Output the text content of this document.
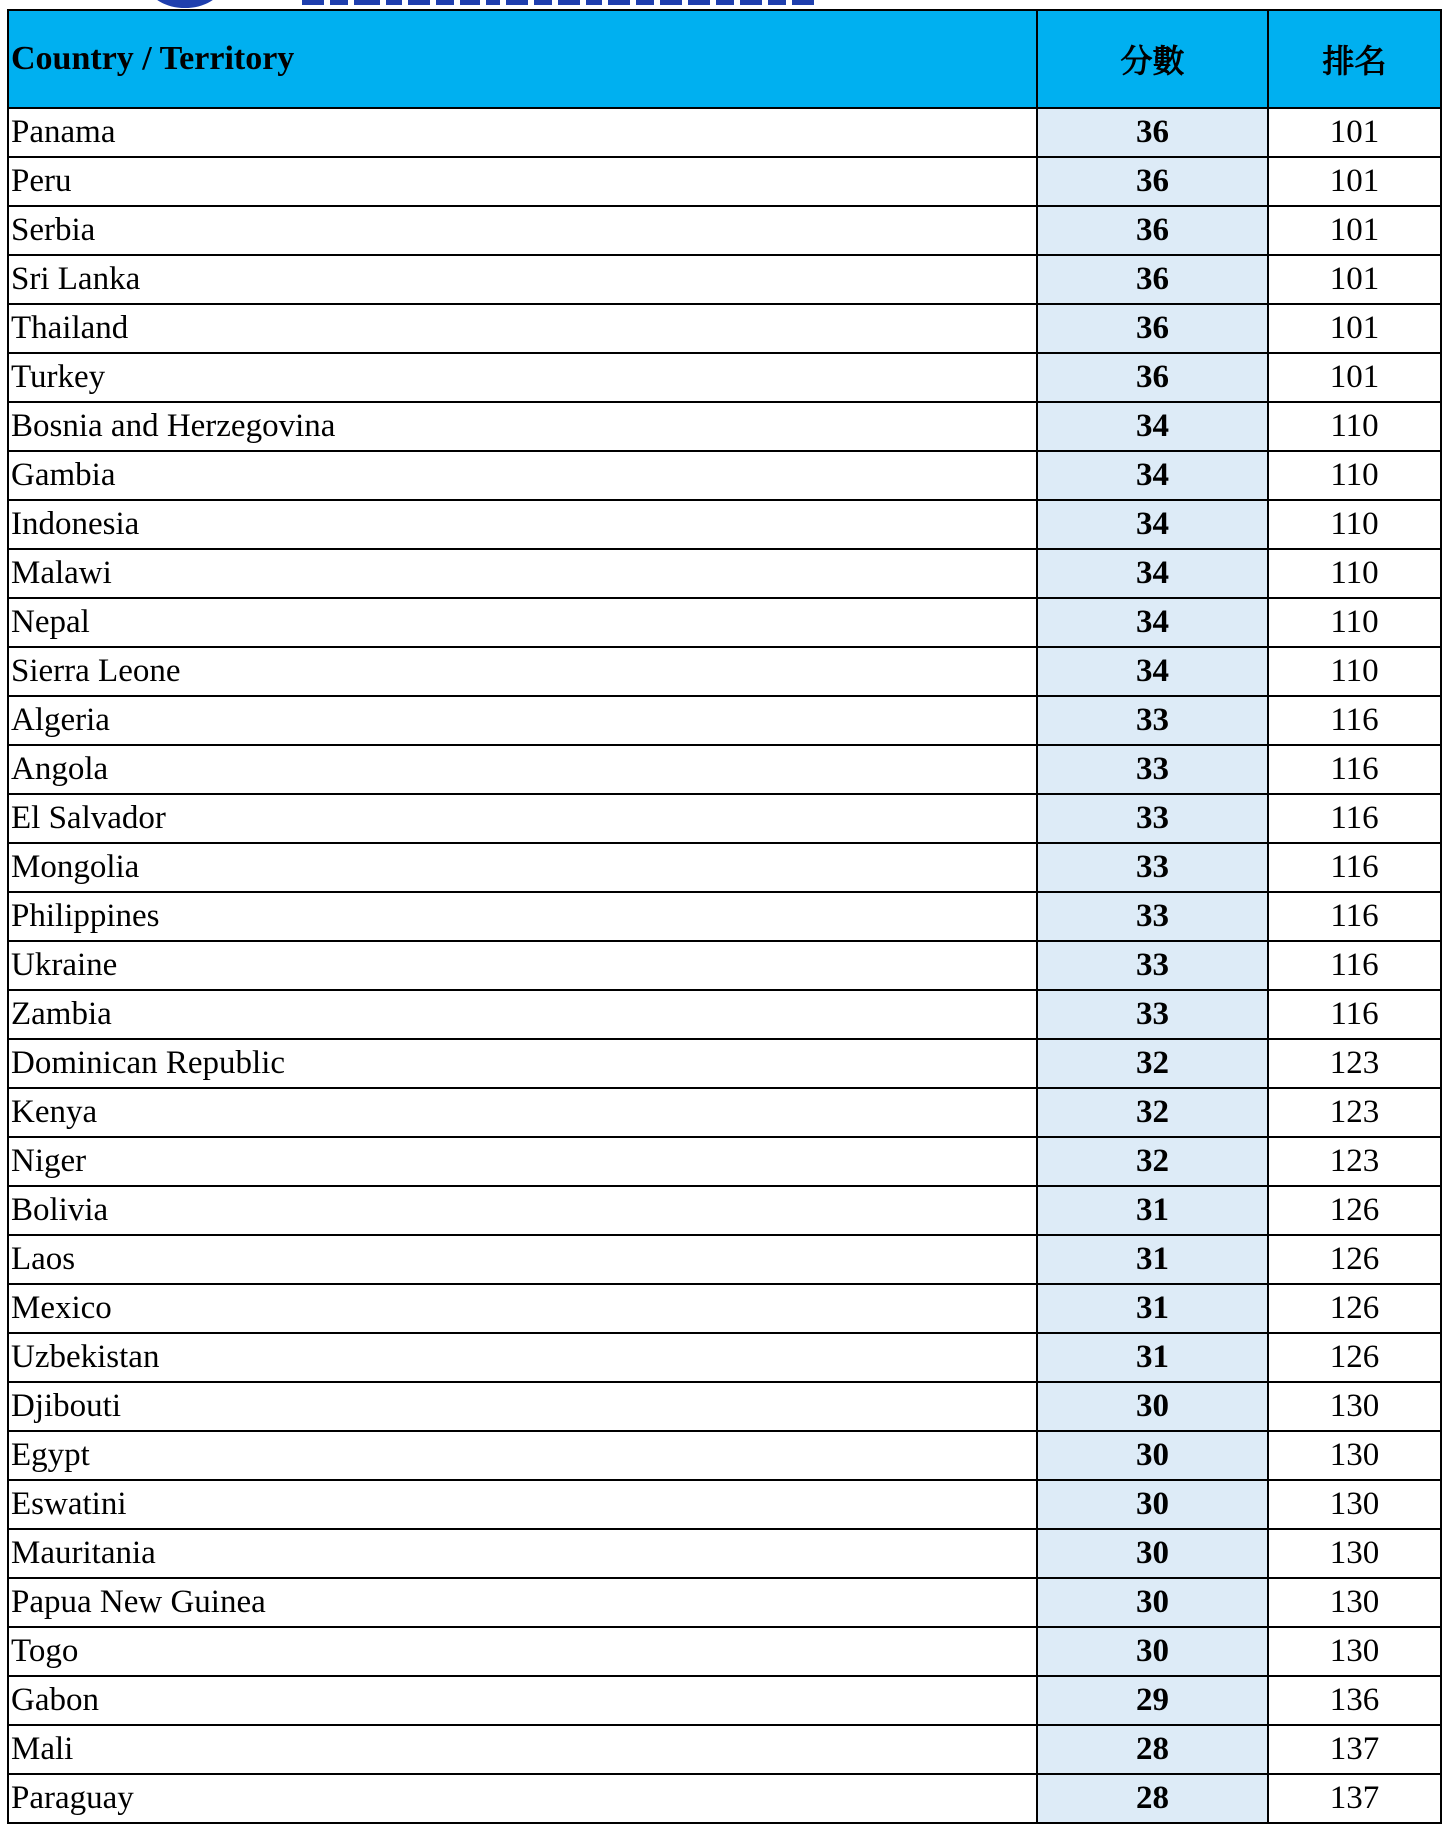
Country / Territory	分數	排名
Panama	36	101
Peru	36	101
Serbia	36	101
Sri Lanka	36	101
Thailand	36	101
Turkey	36	101
Bosnia and Herzegovina	34	110
Gambia	34	110
Indonesia	34	110
Malawi	34	110
Nepal	34	110
Sierra Leone	34	110
Algeria	33	116
Angola	33	116
El Salvador	33	116
Mongolia	33	116
Philippines	33	116
Ukraine	33	116
Zambia	33	116
Dominican Republic	32	123
Kenya	32	123
Niger	32	123
Bolivia	31	126
Laos	31	126
Mexico	31	126
Uzbekistan	31	126
Djibouti	30	130
Egypt	30	130
Eswatini	30	130
Mauritania	30	130
Papua New Guinea	30	130
Togo	30	130
Gabon	29	136
Mali	28	137
Paraguay	28	137
